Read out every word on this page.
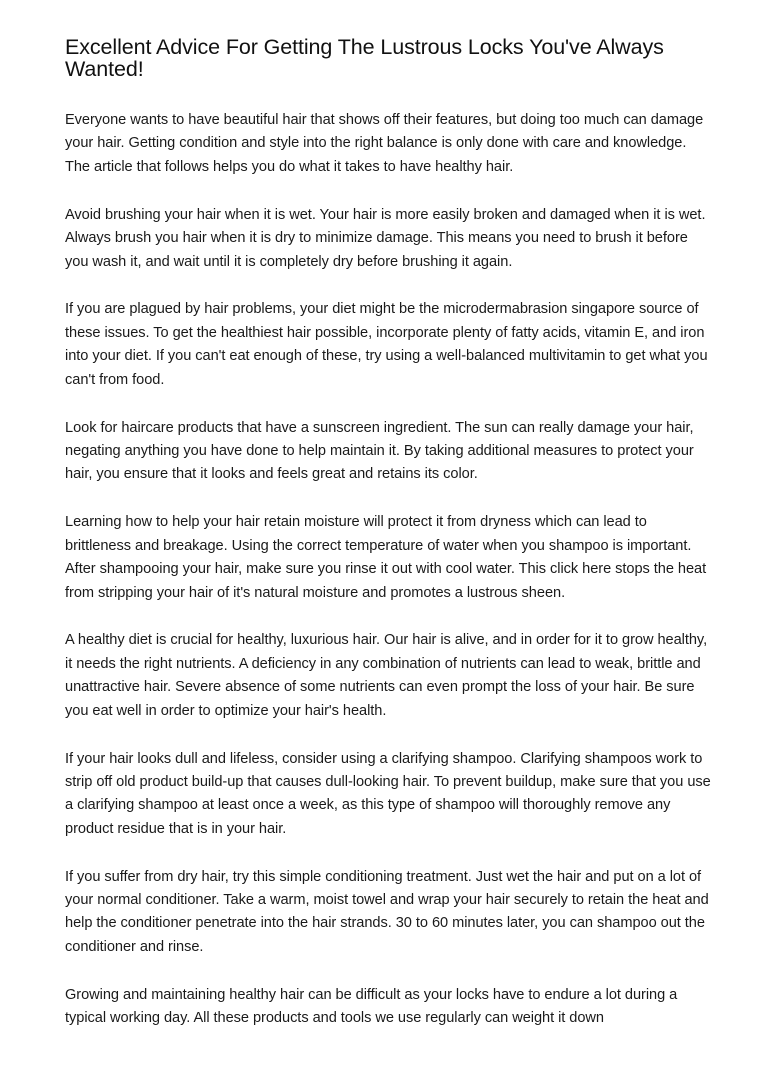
Excellent Advice For Getting The Lustrous Locks You've Always Wanted!

Everyone wants to have beautiful hair that shows off their features, but doing too much can damage your hair. Getting condition and style into the right balance is only done with care and knowledge. The article that follows helps you do what it takes to have healthy hair.

Avoid brushing your hair when it is wet. Your hair is more easily broken and damaged when it is wet. Always brush you hair when it is dry to minimize damage. This means you need to brush it before you wash it, and wait until it is completely dry before brushing it again.

If you are plagued by hair problems, your diet might be the microdermabrasion singapore source of these issues. To get the healthiest hair possible, incorporate plenty of fatty acids, vitamin E, and iron into your diet. If you can't eat enough of these, try using a well-balanced multivitamin to get what you can't from food.

Look for haircare products that have a sunscreen ingredient. The sun can really damage your hair, negating anything you have done to help maintain it. By taking additional measures to protect your hair, you ensure that it looks and feels great and retains its color.

Learning how to help your hair retain moisture will protect it from dryness which can lead to brittleness and breakage. Using the correct temperature of water when you shampoo is important. After shampooing your hair, make sure you rinse it out with cool water. This click here stops the heat from stripping your hair of it's natural moisture and promotes a lustrous sheen.

A healthy diet is crucial for healthy, luxurious hair. Our hair is alive, and in order for it to grow healthy, it needs the right nutrients. A deficiency in any combination of nutrients can lead to weak, brittle and unattractive hair. Severe absence of some nutrients can even prompt the loss of your hair. Be sure you eat well in order to optimize your hair's health.

If your hair looks dull and lifeless, consider using a clarifying shampoo. Clarifying shampoos work to strip off old product build-up that causes dull-looking hair. To prevent buildup, make sure that you use a clarifying shampoo at least once a week, as this type of shampoo will thoroughly remove any product residue that is in your hair.

If you suffer from dry hair, try this simple conditioning treatment. Just wet the hair and put on a lot of your normal conditioner. Take a warm, moist towel and wrap your hair securely to retain the heat and help the conditioner penetrate into the hair strands. 30 to 60 minutes later, you can shampoo out the conditioner and rinse.

Growing and maintaining healthy hair can be difficult as your locks have to endure a lot during a typical working day. All these products and tools we use regularly can weight it down
